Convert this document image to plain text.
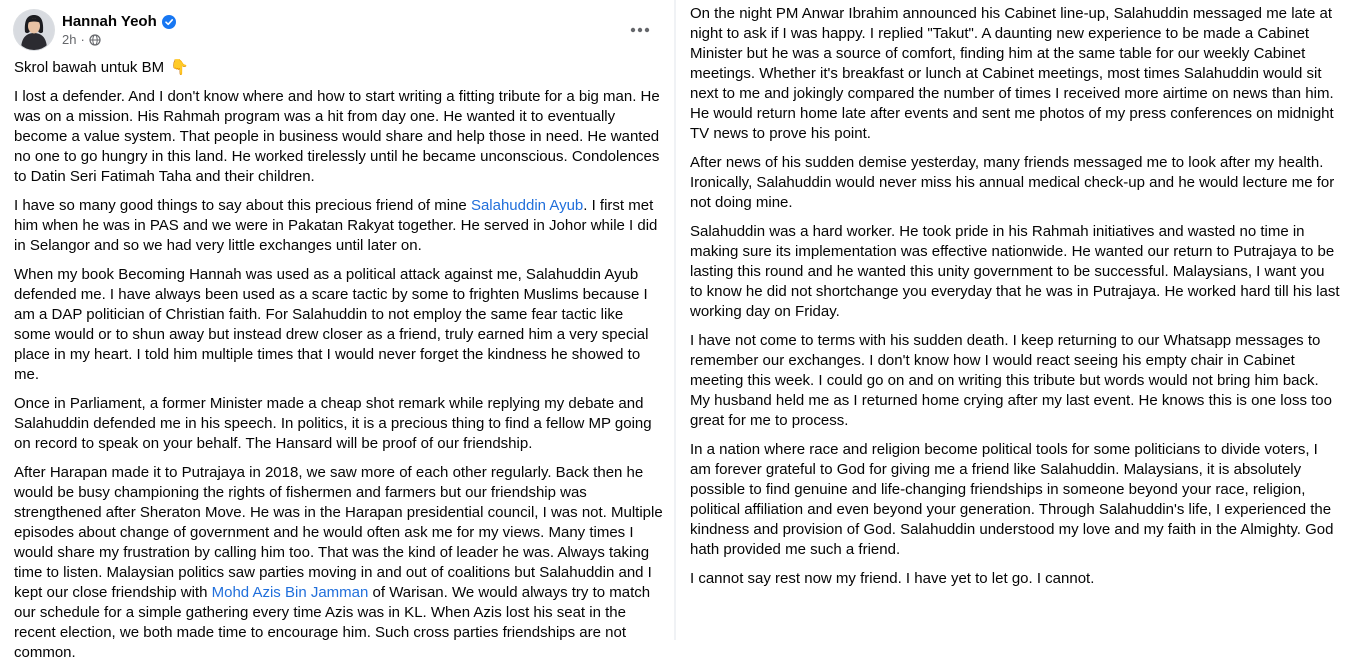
Hannah Yeoh
2h ·
Skrol bawah untuk BM 👇

I lost a defender. And I don't know where and how to start writing a fitting tribute for a big man. He was on a mission. His Rahmah program was a hit from day one. He wanted it to eventually become a value system. That people in business would share and help those in need. He wanted no one to go hungry in this land. He worked tirelessly until he became unconscious. Condolences to Datin Seri Fatimah Taha and their children.

I have so many good things to say about this precious friend of mine Salahuddin Ayub. I first met him when he was in PAS and we were in Pakatan Rakyat together. He served in Johor while I did in Selangor and so we had very little exchanges until later on.

When my book Becoming Hannah was used as a political attack against me, Salahuddin Ayub defended me. I have always been used as a scare tactic by some to frighten Muslims because I am a DAP politician of Christian faith. For Salahuddin to not employ the same fear tactic like some would or to shun away but instead drew closer as a friend, truly earned him a very special place in my heart. I told him multiple times that I would never forget the kindness he showed to me.

Once in Parliament, a former Minister made a cheap shot remark while replying my debate and Salahuddin defended me in his speech. In politics, it is a precious thing to find a fellow MP going on record to speak on your behalf. The Hansard will be proof of our friendship.

After Harapan made it to Putrajaya in 2018, we saw more of each other regularly. Back then he would be busy championing the rights of fishermen and farmers but our friendship was strengthened after Sheraton Move. He was in the Harapan presidential council, I was not. Multiple episodes about change of government and he would often ask me for my views. Many times I would share my frustration by calling him too. That was the kind of leader he was. Always taking time to listen. Malaysian politics saw parties moving in and out of coalitions but Salahuddin and I kept our close friendship with Mohd Azis Bin Jamman of Warisan. We would always try to match our schedule for a simple gathering every time Azis was in KL. When Azis lost his seat in the recent election, we both made time to encourage him. Such cross parties friendships are not common.

On the night PM Anwar Ibrahim announced his Cabinet line-up, Salahuddin messaged me late at night to ask if I was happy. I replied "Takut". A daunting new experience to be made a Cabinet Minister but he was a source of comfort, finding him at the same table for our weekly Cabinet meetings. Whether it's breakfast or lunch at Cabinet meetings, most times Salahuddin would sit next to me and jokingly compared the number of times I received more airtime on news than him. He would return home late after events and sent me photos of my press conferences on midnight TV news to prove his point.

After news of his sudden demise yesterday, many friends messaged me to look after my health. Ironically, Salahuddin would never miss his annual medical check-up and he would lecture me for not doing mine.

Salahuddin was a hard worker. He took pride in his Rahmah initiatives and wasted no time in making sure its implementation was effective nationwide. He wanted our return to Putrajaya to be lasting this round and he wanted this unity government to be successful. Malaysians, I want you to know he did not shortchange you everyday that he was in Putrajaya. He worked hard till his last working day on Friday.

I have not come to terms with his sudden death. I keep returning to our Whatsapp messages to remember our exchanges. I don't know how I would react seeing his empty chair in Cabinet meeting this week. I could go on and on writing this tribute but words would not bring him back. My husband held me as I returned home crying after my last event. He knows this is one loss too great for me to process.

In a nation where race and religion become political tools for some politicians to divide voters, I am forever grateful to God for giving me a friend like Salahuddin. Malaysians, it is absolutely possible to find genuine and life-changing friendships in someone beyond your race, religion, political affiliation and even beyond your generation. Through Salahuddin's life, I experienced the kindness and provision of God. Salahuddin understood my love and my faith in the Almighty. God hath provided me such a friend.

I cannot say rest now my friend. I have yet to let go. I cannot.
